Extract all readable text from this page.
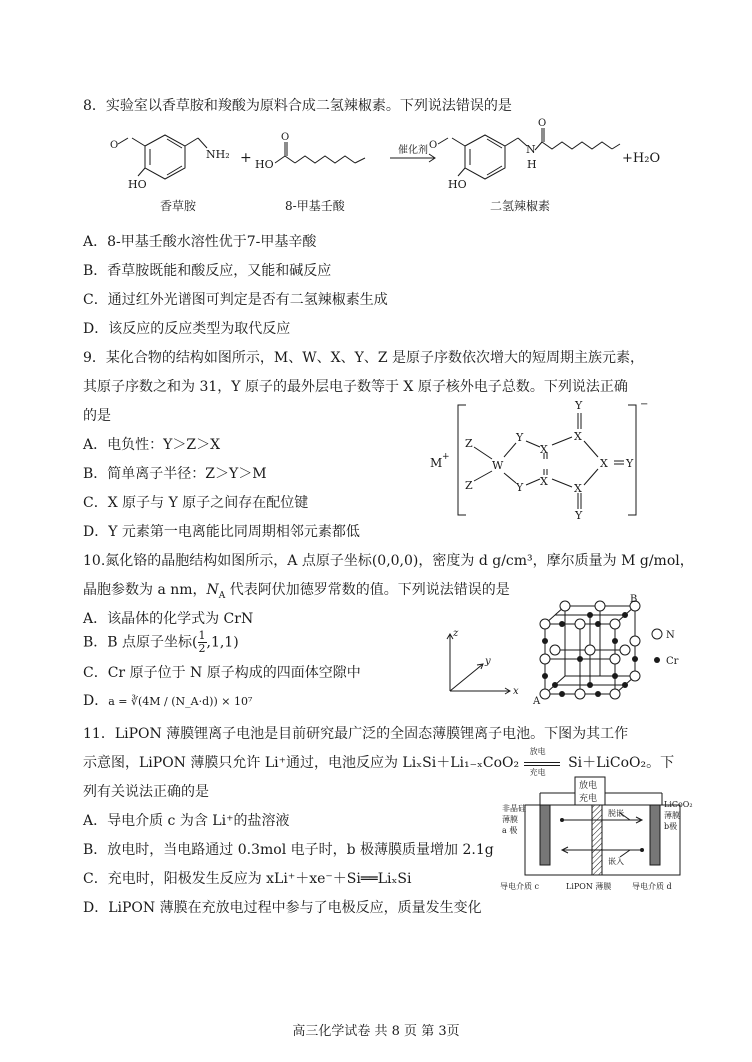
8．实验室以香草胺和羧酸为原料合成二氢辣椒素。下列说法错误的是
O
HO
NH₂ +
O
HO
催化剂 O
HO
N
H
O
+H₂O
香草胺	8-甲基壬酸	二氢辣椒素
A．8-甲基壬酸水溶性优于7-甲基辛酸
B．香草胺既能和酸反应，又能和碱反应
C．通过红外光谱图可判定是否有二氢辣椒素生成
D．该反应的反应类型为取代反应
9．某化合物的结构如图所示，M、W、X、Y、Z 是原子序数依次增大的短周期主族元素，
其原子序数之和为 31，Y 原子的最外层电子数等于 X 原子核外电子总数。下列说法正确
的是
A．电负性：Y＞Z＞X
B．简单离子半径：Z＞Y＞M
C．X 原子与 Y 原子之间存在配位键
D．Y 元素第一电离能比同周期相邻元素都低
M +
−
Z
Z
W
Y
Y
X
X
Y
X
X
Y
X Y
10.氮化铬的晶胞结构如图所示，A 点原子坐标(0,0,0)，密度为 d g/cm³，摩尔质量为 M g/mol，
晶胞参数为 a nm，$N_A$ 代表阿伏加德罗常数的值。下列说法错误的是
A．该晶体的化学式为 CrN
B．B 点原子坐标( $\frac{1}{2} ,1,1$)
C．Cr 原子位于 N 原子构成的四面体空隙中
D．a = ∛(4M / (N_A·d)) × 10⁷
x
y
z
A
B
N
Cr
11．LiPON 薄膜锂离子电池是目前研究最广泛的全固态薄膜锂离子电池。下图为其工作
示意图，LiPON 薄膜只允许 Li⁺通过，电池反应为 LiₓSi＋Li₁₋ₓCoO₂
放电
充电
Si＋LiCoO₂。下
列有关说法正确的是
A．导电介质 c 为含 Li⁺的盐溶液
B．放电时，当电路通过 0.3mol 电子时，b 极薄膜质量增加 2.1g
C．充电时，阳极发生反应为 xLi⁺＋xe⁻＋Si══LiₓSi
D．LiPON 薄膜在充放电过程中参与了电极反应，质量发生变化
放电
充电
非晶硅
薄膜
a 极
LiCoO₂
薄膜
b极
脱嵌
嵌入
导电介质 c	LiPON 薄膜	导电介质 d
高三化学试卷 共 8 页 第 3页
